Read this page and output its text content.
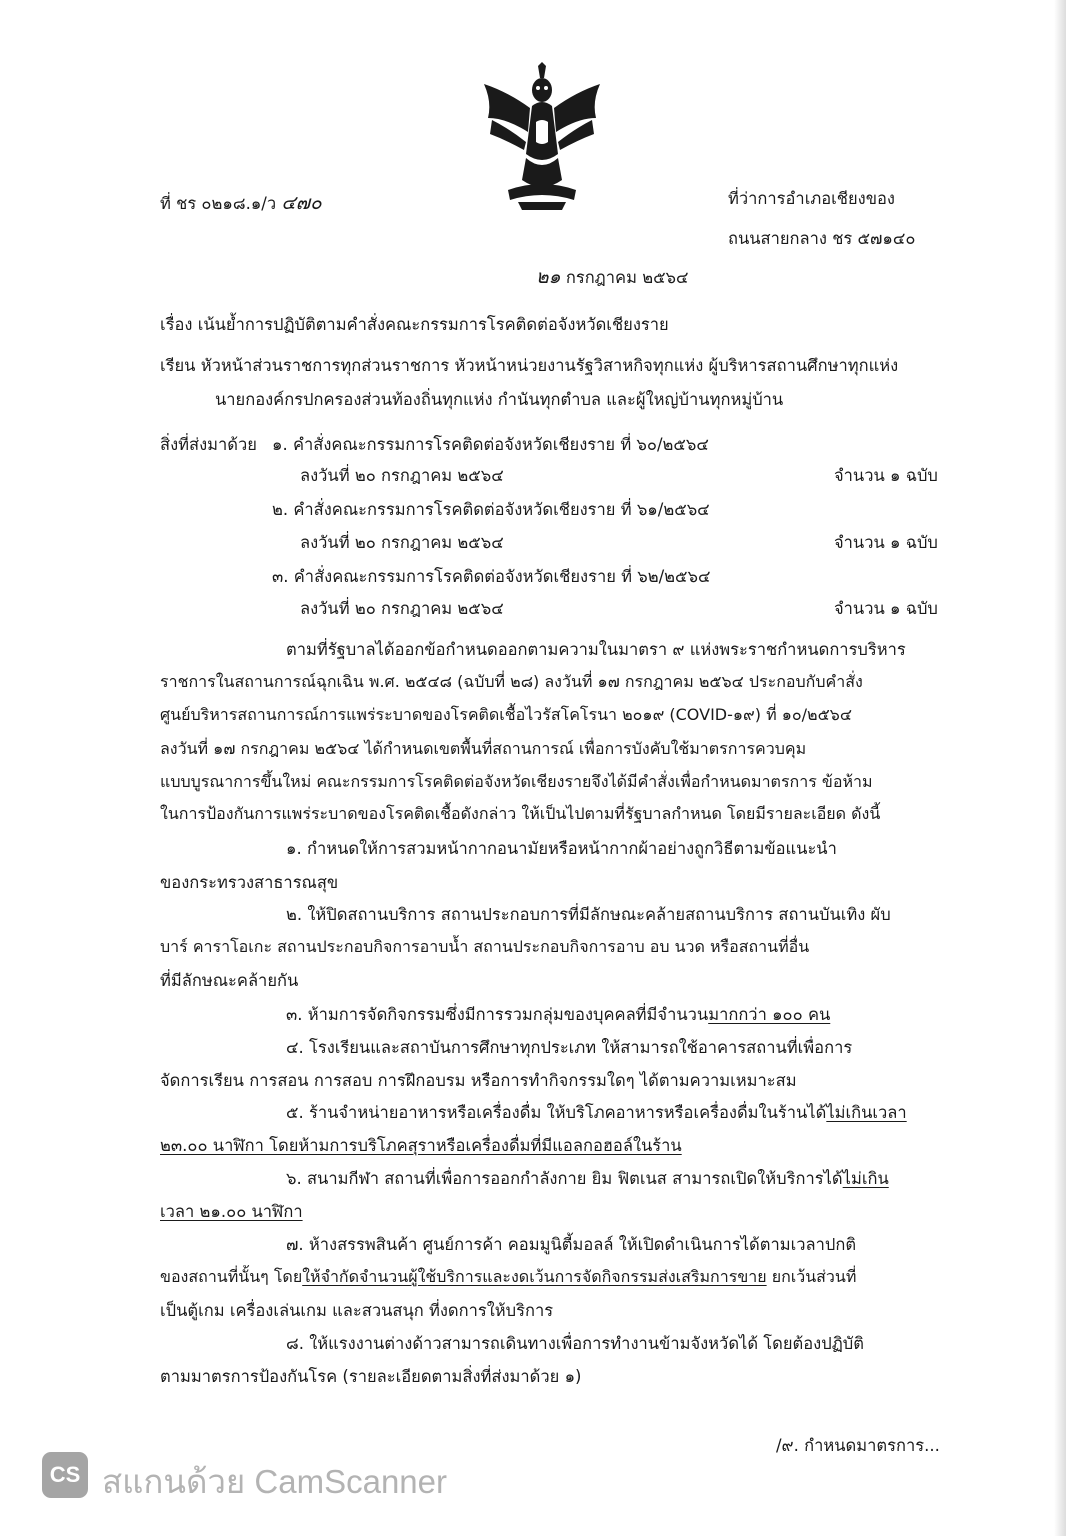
ที่ ชร ๐๒๑๘.๑/ว ๔๗๐	ที่ว่าการอำเภอเชียงของ
ถนนสายกลาง ชร ๕๗๑๔๐
๒๑ กรกฎาคม ๒๕๖๔
เรื่อง เน้นย้ำการปฏิบัติตามคำสั่งคณะกรรมการโรคติดต่อจังหวัดเชียงราย
เรียน หัวหน้าส่วนราชการทุกส่วนราชการ หัวหน้าหน่วยงานรัฐวิสาหกิจทุกแห่ง ผู้บริหารสถานศึกษาทุกแห่ง
นายกองค์กรปกครองส่วนท้องถิ่นทุกแห่ง กำนันทุกตำบล และผู้ใหญ่บ้านทุกหมู่บ้าน
สิ่งที่ส่งมาด้วย ๑. คำสั่งคณะกรรมการโรคติดต่อจังหวัดเชียงราย ที่ ๖๐/๒๕๖๔
ลงวันที่ ๒๐ กรกฎาคม ๒๕๖๔	จำนวน ๑ ฉบับ
๒. คำสั่งคณะกรรมการโรคติดต่อจังหวัดเชียงราย ที่ ๖๑/๒๕๖๔
ลงวันที่ ๒๐ กรกฎาคม ๒๕๖๔	จำนวน ๑ ฉบับ
๓. คำสั่งคณะกรรมการโรคติดต่อจังหวัดเชียงราย ที่ ๖๒/๒๕๖๔
ลงวันที่ ๒๐ กรกฎาคม ๒๕๖๔	จำนวน ๑ ฉบับ
ตามที่รัฐบาลได้ออกข้อกำหนดออกตามความในมาตรา ๙ แห่งพระราชกำหนดการบริหาร
ราชการในสถานการณ์ฉุกเฉิน พ.ศ. ๒๕๔๘ (ฉบับที่ ๒๘) ลงวันที่ ๑๗ กรกฎาคม ๒๕๖๔ ประกอบกับคำสั่ง
ศูนย์บริหารสถานการณ์การแพร่ระบาดของโรคติดเชื้อไวรัสโคโรนา ๒๐๑๙ (COVID-๑๙) ที่ ๑๐/๒๕๖๔
ลงวันที่ ๑๗ กรกฎาคม ๒๕๖๔ ได้กำหนดเขตพื้นที่สถานการณ์ เพื่อการบังคับใช้มาตรการควบคุม
แบบบูรณาการขึ้นใหม่ คณะกรรมการโรคติดต่อจังหวัดเชียงรายจึงได้มีคำสั่งเพื่อกำหนดมาตรการ ข้อห้าม
ในการป้องกันการแพร่ระบาดของโรคติดเชื้อดังกล่าว ให้เป็นไปตามที่รัฐบาลกำหนด โดยมีรายละเอียด ดังนี้
๑. กำหนดให้การสวมหน้ากากอนามัยหรือหน้ากากผ้าอย่างถูกวิธีตามข้อแนะนำ
ของกระทรวงสาธารณสุข
๒. ให้ปิดสถานบริการ สถานประกอบการที่มีลักษณะคล้ายสถานบริการ สถานบันเทิง ผับ
บาร์ คาราโอเกะ สถานประกอบกิจการอาบน้ำ สถานประกอบกิจการอาบ อบ นวด หรือสถานที่อื่น
ที่มีลักษณะคล้ายกัน
๓. ห้ามการจัดกิจกรรมซึ่งมีการรวมกลุ่มของบุคคลที่มีจำนวนมากกว่า ๑๐๐ คน
๔. โรงเรียนและสถาบันการศึกษาทุกประเภท ให้สามารถใช้อาคารสถานที่เพื่อการ
จัดการเรียน การสอน การสอบ การฝึกอบรม หรือการทำกิจกรรมใดๆ ได้ตามความเหมาะสม
๕. ร้านจำหน่ายอาหารหรือเครื่องดื่ม ให้บริโภคอาหารหรือเครื่องดื่มในร้านได้ไม่เกินเวลา
๒๓.๐๐ นาฬิกา โดยห้ามการบริโภคสุราหรือเครื่องดื่มที่มีแอลกอฮอล์ในร้าน
๖. สนามกีฬา สถานที่เพื่อการออกกำลังกาย ยิม ฟิตเนส สามารถเปิดให้บริการได้ไม่เกิน
เวลา ๒๑.๐๐ นาฬิกา
๗. ห้างสรรพสินค้า ศูนย์การค้า คอมมูนิตี้มอลล์ ให้เปิดดำเนินการได้ตามเวลาปกติ
ของสถานที่นั้นๆ โดยให้จำกัดจำนวนผู้ใช้บริการและงดเว้นการจัดกิจกรรมส่งเสริมการขาย ยกเว้นส่วนที่
เป็นตู้เกม เครื่องเล่นเกม และสวนสนุก ที่งดการให้บริการ
๘. ให้แรงงานต่างด้าวสามารถเดินทางเพื่อการทำงานข้ามจังหวัดได้ โดยต้องปฏิบัติ
ตามมาตรการป้องกันโรค (รายละเอียดตามสิ่งที่ส่งมาด้วย ๑)
/๙. กำหนดมาตรการ...
CS สแกนด้วย CamScanner
